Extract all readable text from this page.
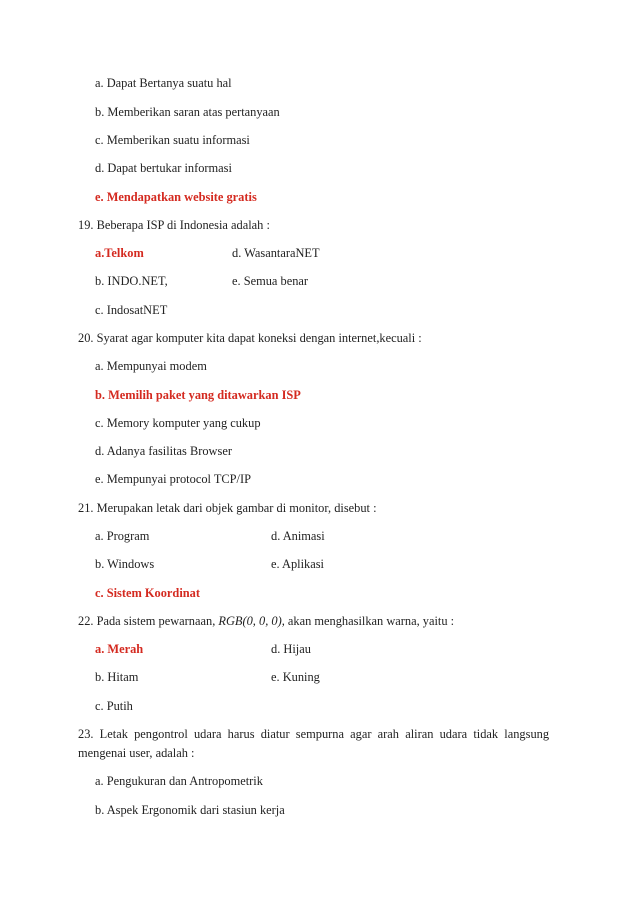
a. Dapat Bertanya suatu hal
b. Memberikan saran atas pertanyaan
c. Memberikan suatu informasi
d. Dapat bertukar informasi
e. Mendapatkan website gratis
19. Beberapa ISP di Indonesia adalah :
a.Telkom	d. WasantaraNET
b. INDO.NET,	e. Semua benar
c. IndosatNET
20. Syarat agar komputer kita dapat koneksi dengan internet,kecuali :
a. Mempunyai modem
b. Memilih paket yang ditawarkan ISP
c. Memory komputer yang cukup
d. Adanya fasilitas Browser
e. Mempunyai protocol TCP/IP
21. Merupakan letak dari objek gambar di monitor, disebut :
a. Program	d. Animasi
b. Windows	e. Aplikasi
c. Sistem Koordinat
22. Pada sistem pewarnaan, RGB(0, 0, 0), akan menghasilkan warna, yaitu :
a. Merah	d. Hijau
b. Hitam	e. Kuning
c. Putih
23.  Letak  pengontrol  udara  harus  diatur  sempurna  agar  arah  aliran  udara  tidak  langsung
mengenai user, adalah :
a. Pengukuran dan Antropometrik
b. Aspek Ergonomik dari stasiun kerja
